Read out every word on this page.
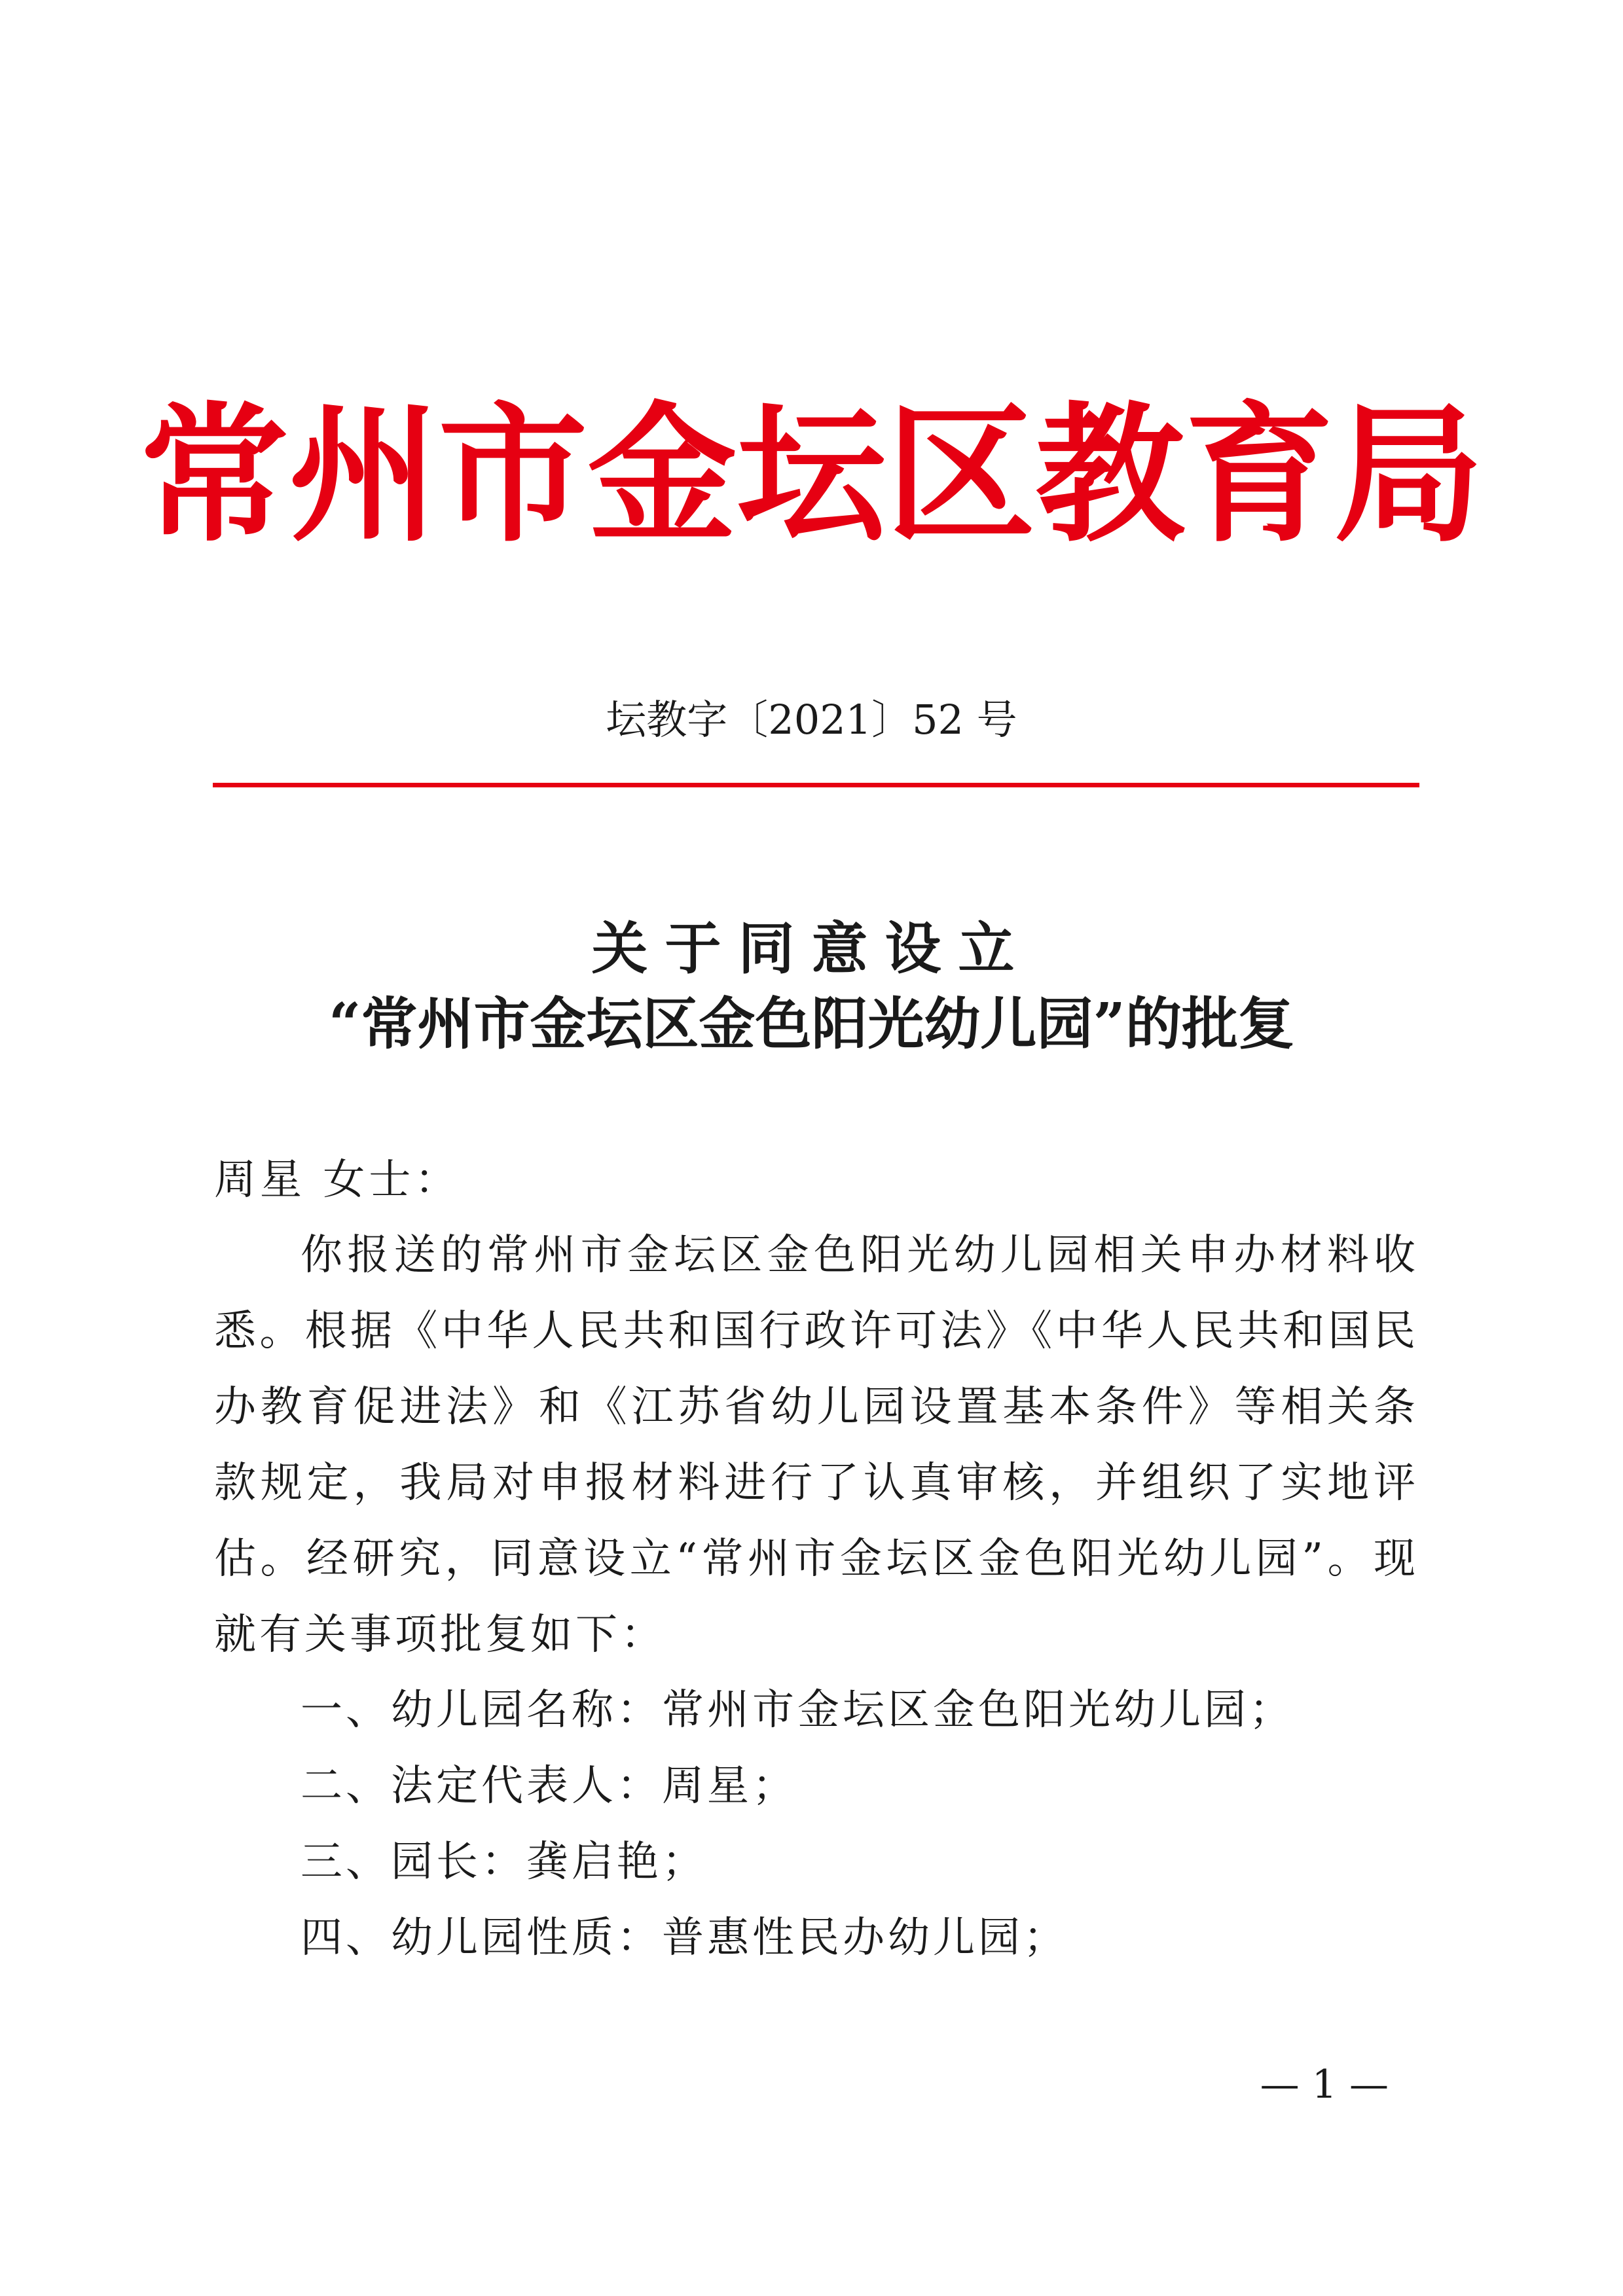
常州市金坛区教育局
坛教字〔2021〕52 号
关于同意设立
“常州市金坛区金色阳光幼儿园”的批复
周星 女士：
你报送的常州市金坛区金色阳光幼儿园相关申办材料收悉。根据《中华人民共和国行政许可法》《中华人民共和国民办教育促进法》和《江苏省幼儿园设置基本条件》等相关条款规定，我局对申报材料进行了认真审核，并组织了实地评估。经研究，同意设立“常州市金坛区金色阳光幼儿园”。现就有关事项批复如下：
一、幼儿园名称：常州市金坛区金色阳光幼儿园；
二、法定代表人：周星；
三、园长：龚启艳；
四、幼儿园性质：普惠性民办幼儿园；
— 1 —
